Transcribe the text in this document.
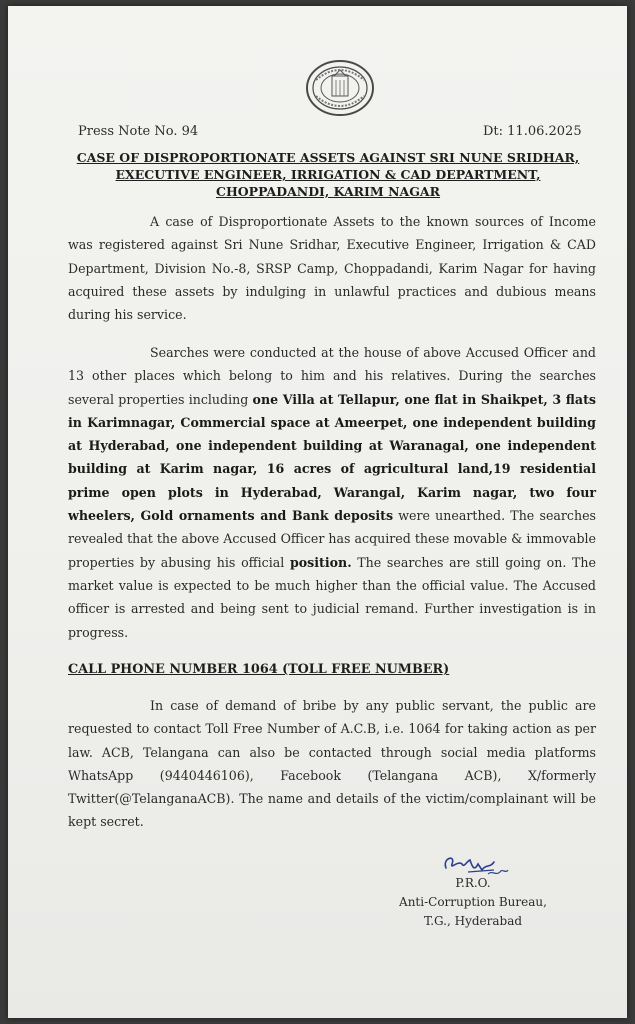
Press Note No. 94	Dt: 11.06.2025
CASE OF DISPROPORTIONATE ASSETS AGAINST SRI NUNE SRIDHAR,
EXECUTIVE ENGINEER, IRRIGATION & CAD DEPARTMENT,
CHOPPADANDI, KARIM NAGAR

A case of Disproportionate Assets to the known sources of Income was registered against Sri Nune Sridhar, Executive Engineer, Irrigation & CAD Department, Division No.-8, SRSP Camp, Choppadandi, Karim Nagar for having acquired these assets by indulging in unlawful practices and dubious means during his service.

Searches were conducted at the house of above Accused Officer and 13 other places which belong to him and his relatives. During the searches several properties including one Villa at Tellapur, one flat in Shaikpet, 3 flats in Karimnagar, Commercial space at Ameerpet, one independent building at Hyderabad, one independent building at Waranagal, one independent building at Karim nagar, 16 acres of agricultural land,19 residential prime open plots in Hyderabad, Warangal, Karim nagar, two four wheelers, Gold ornaments and Bank deposits were unearthed. The searches revealed that the above Accused Officer has acquired these movable & immovable properties by abusing his official position. The searches are still going on. The market value is expected to be much higher than the official value. The Accused officer is arrested and being sent to judicial remand. Further investigation is in progress.

CALL PHONE NUMBER 1064 (TOLL FREE NUMBER)

In case of demand of bribe by any public servant, the public are requested to contact Toll Free Number of A.C.B, i.e. 1064 for taking action as per law. ACB, Telangana can also be contacted through social media platforms WhatsApp (9440446106), Facebook (Telangana ACB), X/formerly Twitter(@TelanganaACB). The name and details of the victim/complainant will be kept secret.

P.R.O.
Anti-Corruption Bureau,
T.G., Hyderabad
